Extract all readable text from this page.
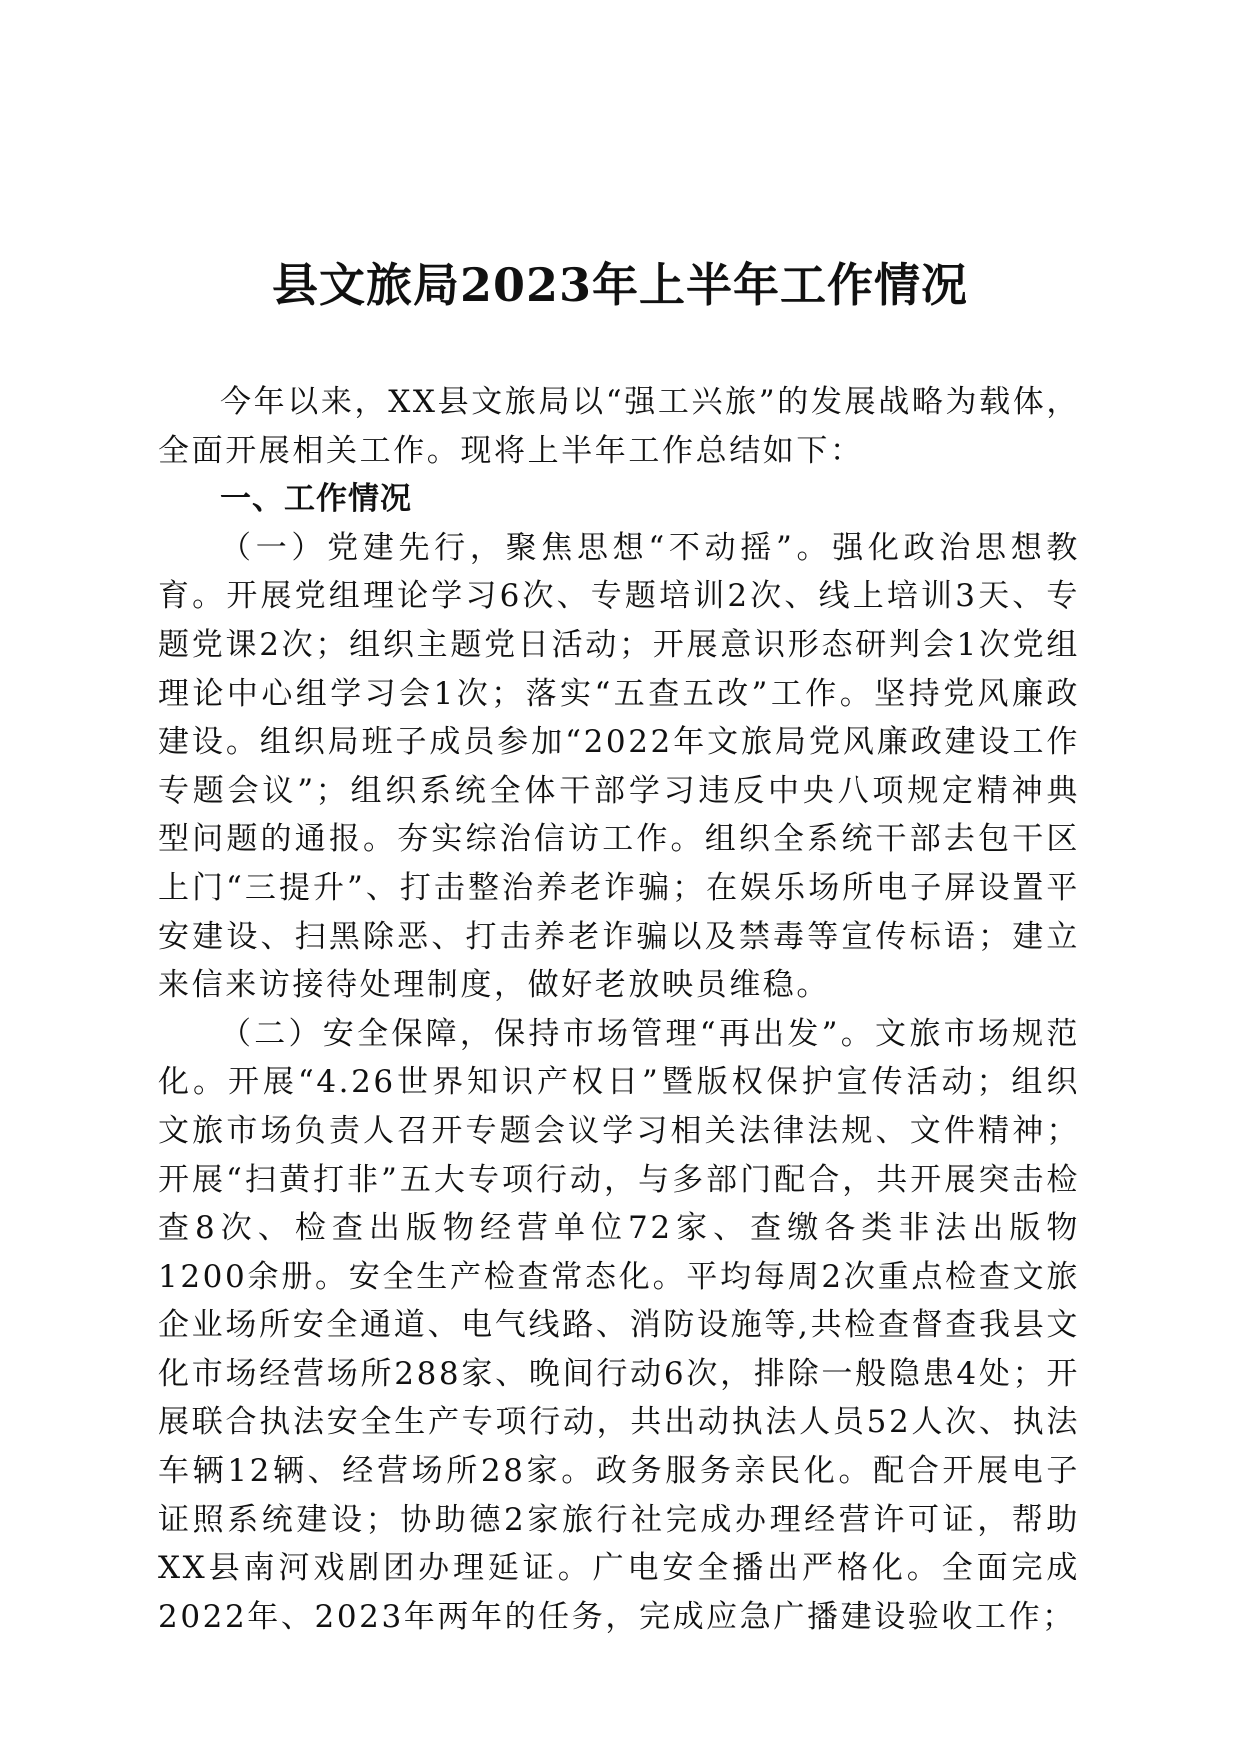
县文旅局2023年上半年工作情况

今年以来，XX县文旅局以“强工兴旅”的发展战略为载体，全面开展相关工作。现将上半年工作总结如下：

一、工作情况

（一）党建先行，聚焦思想“不动摇”。强化政治思想教育。开展党组理论学习6次、专题培训2次、线上培训3天、专题党课2次；组织主题党日活动；开展意识形态研判会1次党组理论中心组学习会1次；落实“五查五改”工作。坚持党风廉政建设。组织局班子成员参加“2022年文旅局党风廉政建设工作专题会议”；组织系统全体干部学习违反中央八项规定精神典型问题的通报。夯实综治信访工作。组织全系统干部去包干区上门“三提升”、打击整治养老诈骗；在娱乐场所电子屏设置平安建设、扫黑除恶、打击养老诈骗以及禁毒等宣传标语；建立来信来访接待处理制度，做好老放映员维稳。

（二）安全保障，保持市场管理“再出发”。文旅市场规范化。开展“4.26世界知识产权日”暨版权保护宣传活动；组织文旅市场负责人召开专题会议学习相关法律法规、文件精神；开展“扫黄打非”五大专项行动，与多部门配合，共开展突击检查8次、检查出版物经营单位72家、查缴各类非法出版物1200余册。安全生产检查常态化。平均每周2次重点检查文旅企业场所安全通道、电气线路、消防设施等,共检查督查我县文化市场经营场所288家、晚间行动6次，排除一般隐患4处；开展联合执法安全生产专项行动，共出动执法人员52人次、执法车辆12辆、经营场所28家。政务服务亲民化。配合开展电子证照系统建设；协助德2家旅行社完成办理经营许可证，帮助XX县南河戏剧团办理延证。广电安全播出严格化。全面完成2022年、2023年两年的任务，完成应急广播建设验收工作；
